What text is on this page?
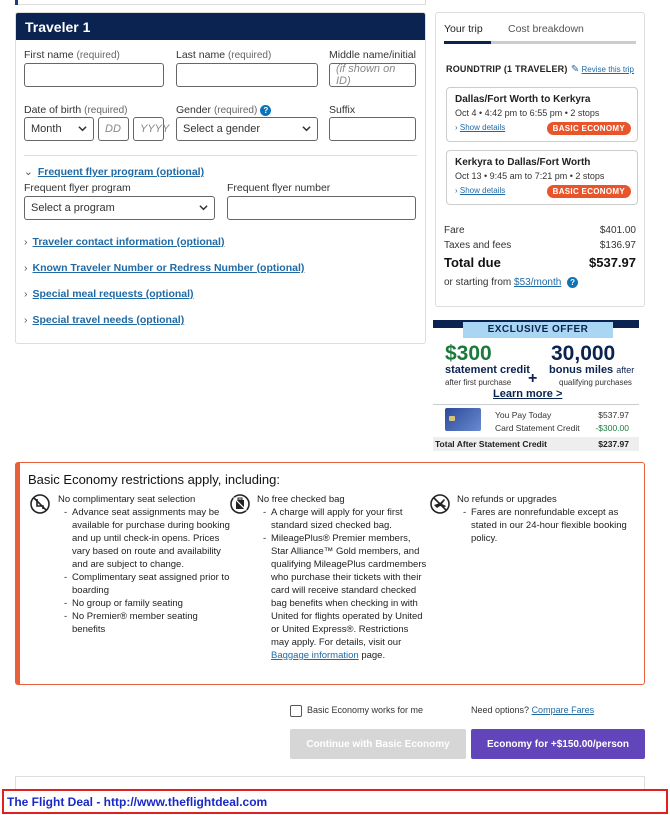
Traveler 1
First name (required)	Last name (required)	Middle name/initial
(if shown on ID)
Date of birth (required)
Month	DD	YYYY
Gender (required) ?
Select a gender
Suffix
⌄ Frequent flyer program (optional)
Frequent flyer program
Select a program
Frequent flyer number
› Traveler contact information (optional)
› Known Traveler Number or Redress Number (optional)
› Special meal requests (optional)
› Special travel needs (optional)
Your trip Cost breakdown
ROUNDTRIP (1 TRAVELER) ✎ Revise this trip
Dallas/Fort Worth to Kerkyra
Oct 4 • 4:42 pm to 6:55 pm • 2 stops
› Show details	BASIC ECONOMY
Kerkyra to Dallas/Fort Worth
Oct 13 • 9:45 am to 7:21 pm • 2 stops
› Show details	BASIC ECONOMY
Fare	$401.00
Taxes and fees	$136.97
Total due	$537.97
or starting from $53/month ?
EXCLUSIVE OFFER
$300
statement credit
after first purchase +
30,000
bonus miles after
qualifying purchases
Learn more >
You Pay Today	$537.97
Card Statement Credit -$300.00
Total After Statement Credit	$237.97
Basic Economy restrictions apply, including:
No complimentary seat selection
- Advance seat assignments may be available for purchase during booking and up until check-in opens. Prices vary based on route and availability and are subject to change.
- Complimentary seat assigned prior to boarding
- No group or family seating
- No Premier® member seating benefits
No free checked bag
- A charge will apply for your first standard sized checked bag.
- MileagePlus® Premier members, Star Alliance™ Gold members, and qualifying MileagePlus cardmembers who purchase their tickets with their card will receive standard checked bag benefits when checking in with United for flights operated by United or United Express®. Restrictions may apply. For details, visit our Baggage information page.
No refunds or upgrades
- Fares are nonrefundable except as stated in our 24-hour flexible booking policy.
Basic Economy works for me	Need options? Compare Fares
Continue with Basic Economy	Economy for +$150.00/person
The Flight Deal - http://www.theflightdeal.com
